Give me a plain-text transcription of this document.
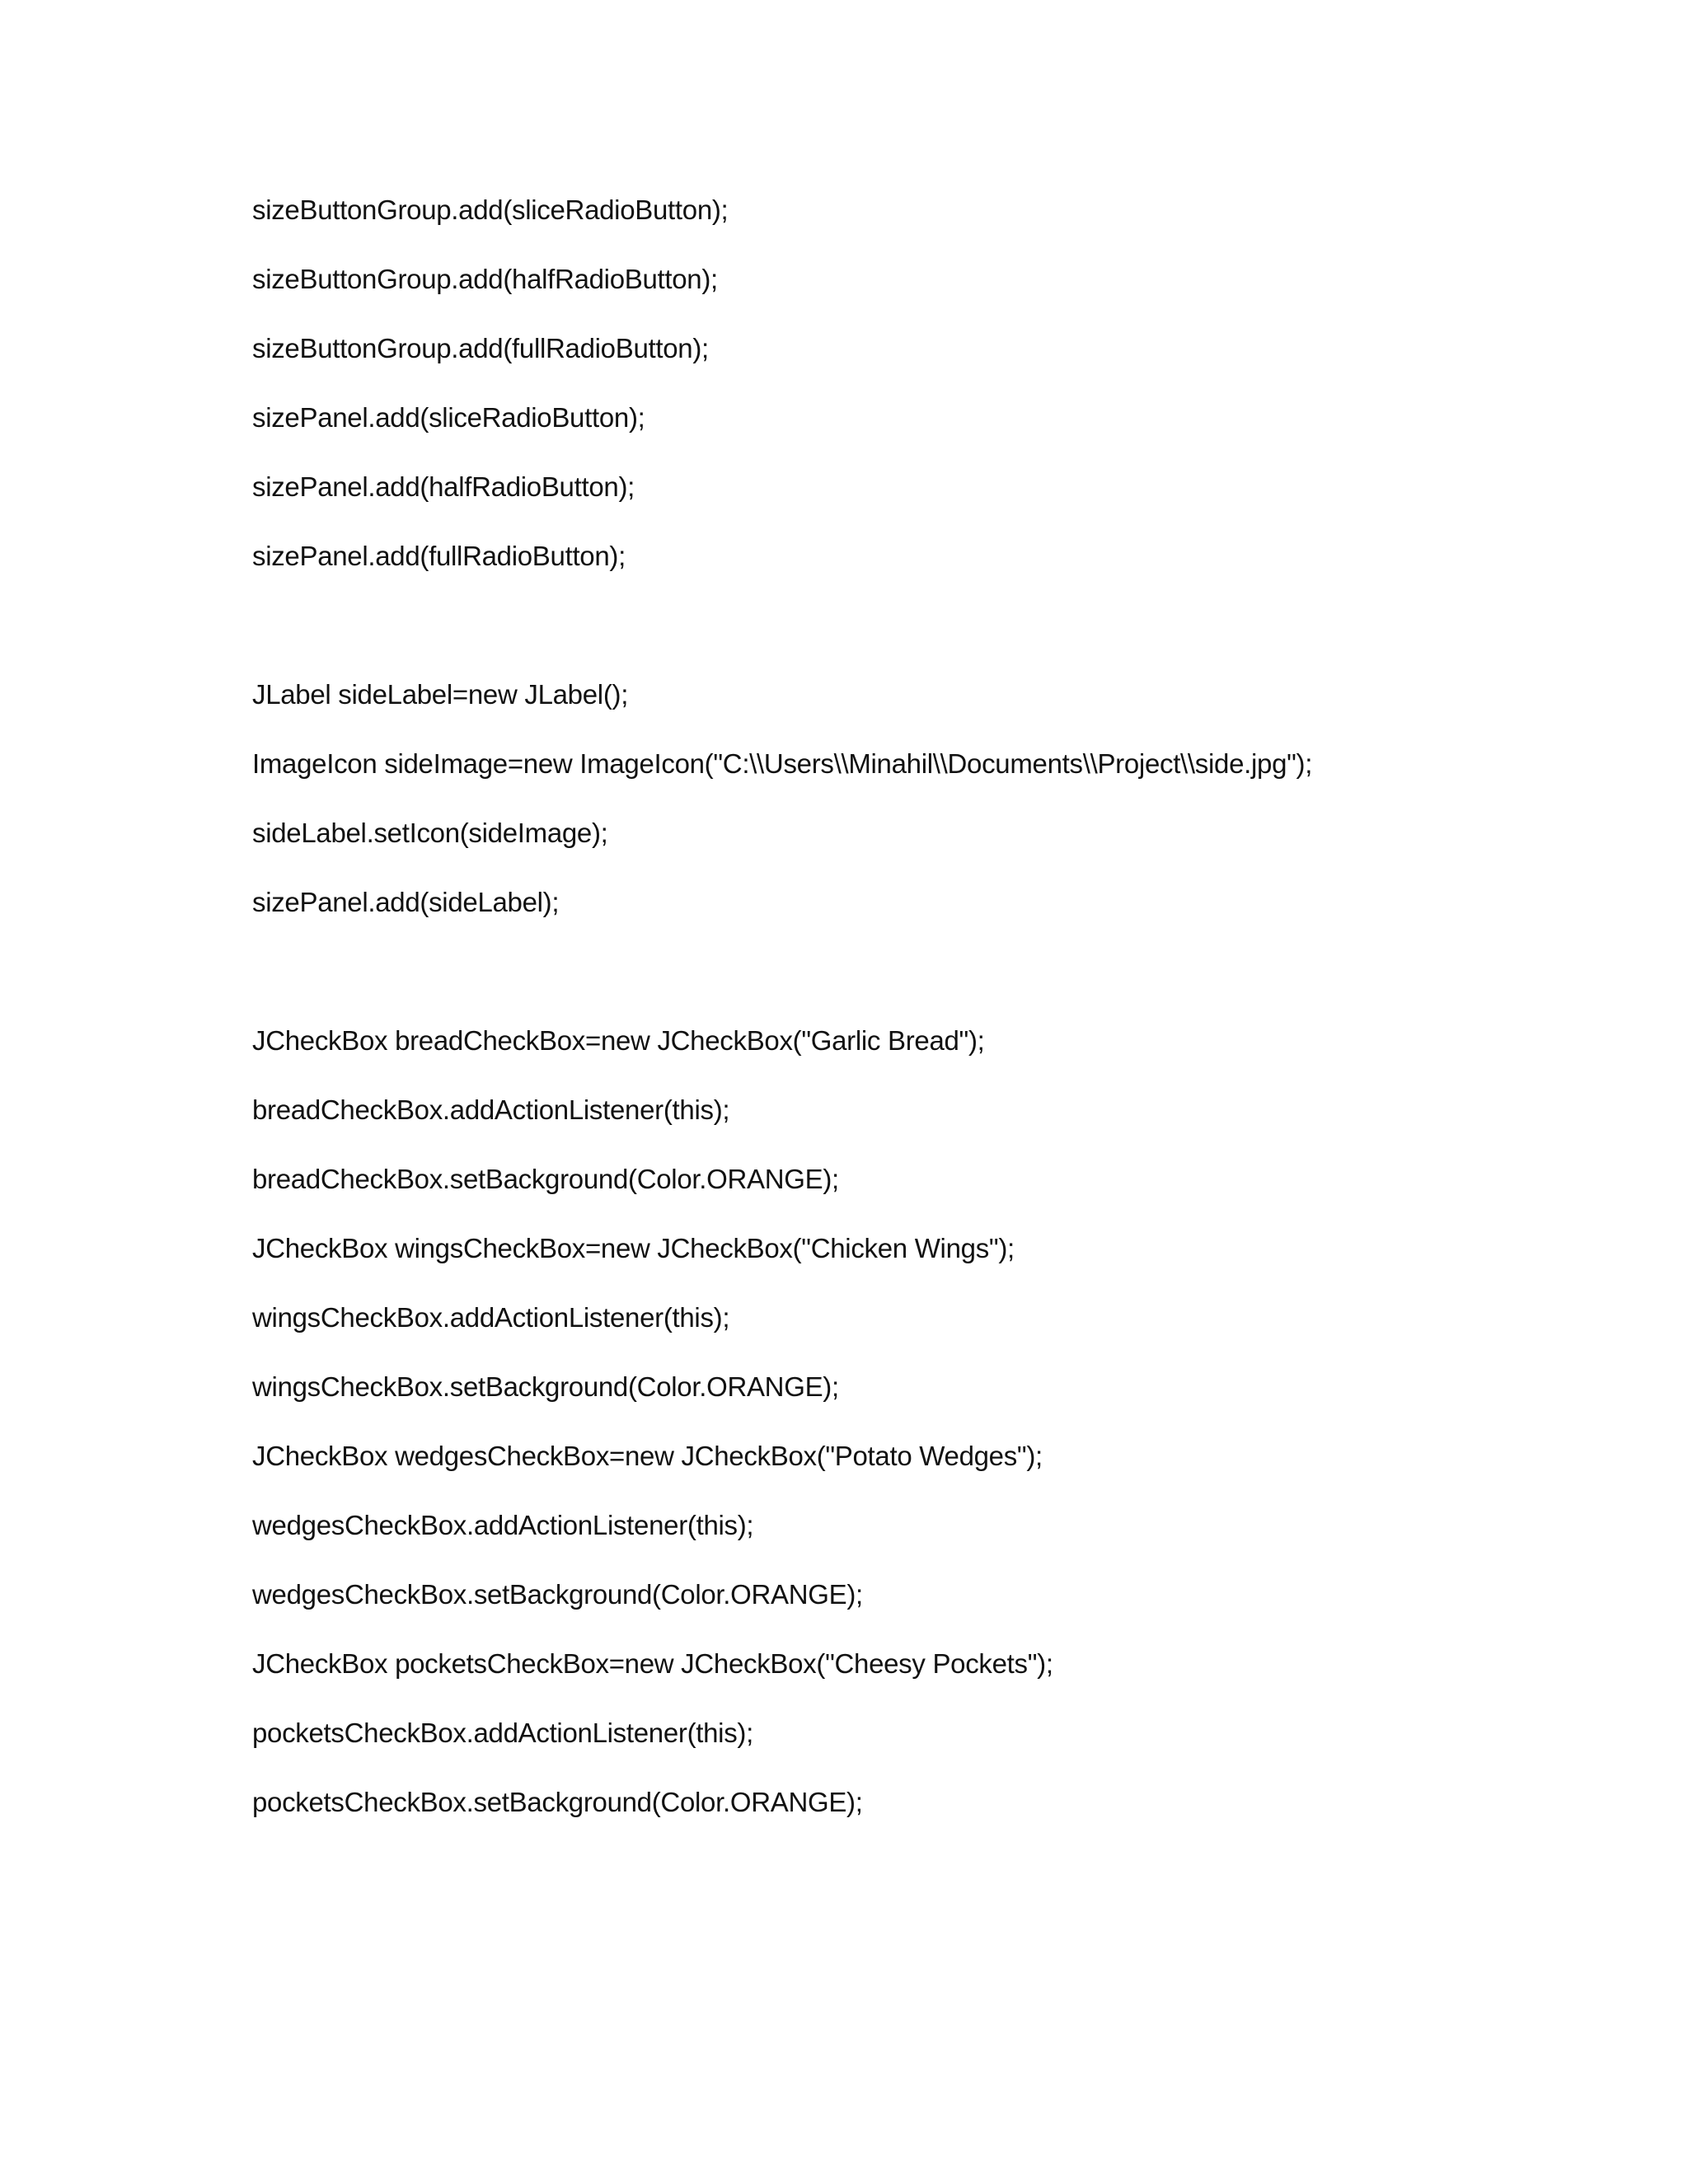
sizeButtonGroup.add(sliceRadioButton);
sizeButtonGroup.add(halfRadioButton);
sizeButtonGroup.add(fullRadioButton);
sizePanel.add(sliceRadioButton);
sizePanel.add(halfRadioButton);
sizePanel.add(fullRadioButton);
JLabel sideLabel=new JLabel();
ImageIcon sideImage=new ImageIcon("C:\\Users\\Minahil\\Documents\\Project\\side.jpg");
sideLabel.setIcon(sideImage);
sizePanel.add(sideLabel);
JCheckBox breadCheckBox=new JCheckBox("Garlic Bread");
breadCheckBox.addActionListener(this);
breadCheckBox.setBackground(Color.ORANGE);
JCheckBox wingsCheckBox=new JCheckBox("Chicken Wings");
wingsCheckBox.addActionListener(this);
wingsCheckBox.setBackground(Color.ORANGE);
JCheckBox wedgesCheckBox=new JCheckBox("Potato Wedges");
wedgesCheckBox.addActionListener(this);
wedgesCheckBox.setBackground(Color.ORANGE);
JCheckBox pocketsCheckBox=new JCheckBox("Cheesy Pockets");
pocketsCheckBox.addActionListener(this);
pocketsCheckBox.setBackground(Color.ORANGE);
